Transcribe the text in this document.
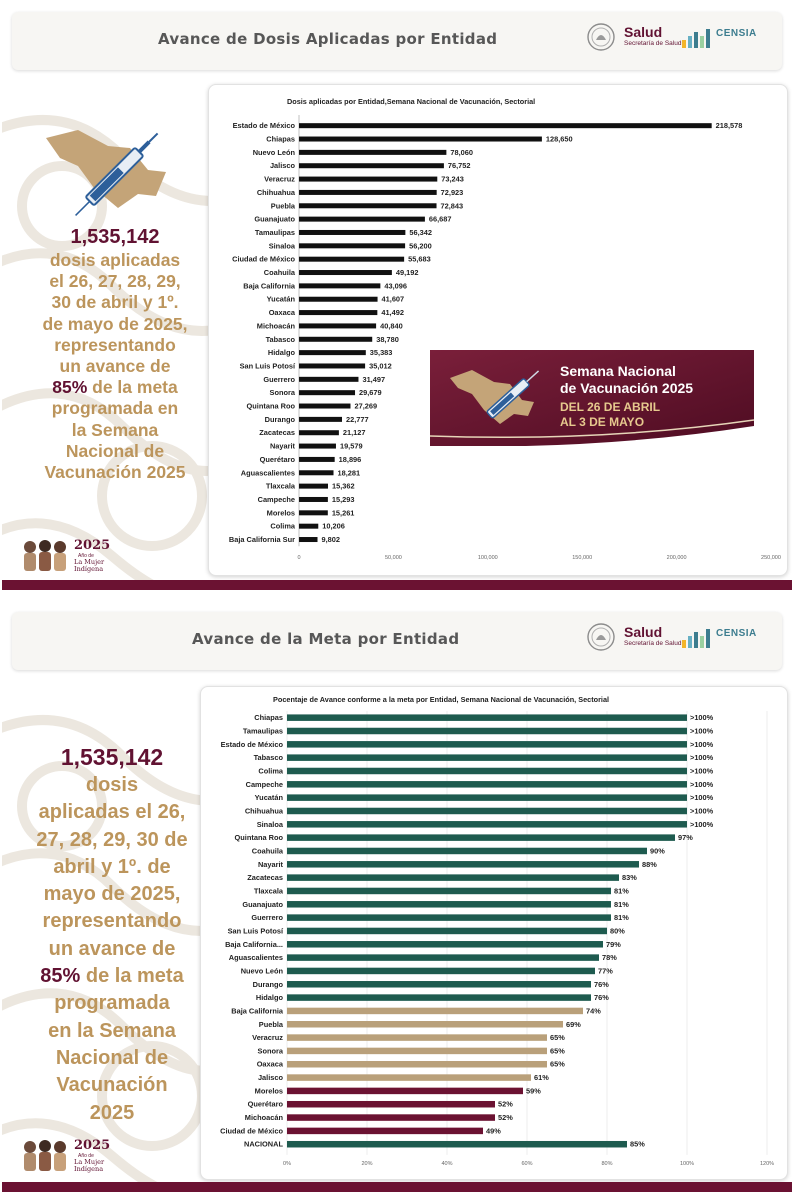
Avance de Dosis Aplicadas por Entidad	Salud
Secretaría de Salud
CENSIA
1,535,142
dosis aplicadas
el 26, 27, 28, 29,
30 de abril y 1º.
de mayo de 2025,
representando
un avance de
85% de la meta
programada en
la Semana
Nacional de
Vacunación 2025
2025
Año de
La Mujer
Indígena
Dosis aplicadas por Entidad,Semana Nacional de Vacunación, Sectorial
Estado de México	218,578
Chiapas	128,650
Nuevo León	78,060
Jalisco	76,752
Veracruz	73,243
Chihuahua	72,923
Puebla	72,843
Guanajuato	66,687
Tamaulipas	56,342
Sinaloa	56,200
Ciudad de México	55,683
Coahuila	49,192
Baja California	43,096
Yucatán	41,607
Oaxaca	41,492
Michoacán	40,840
Tabasco	38,780
Hidalgo	35,383
San Luis Potosí	35,012
Guerrero	31,497
Sonora	29,679
Quintana Roo	27,269
Durango	22,777
Zacatecas	21,127
Nayarit	19,579
Querétaro	18,896
Aguascalientes	18,281
Tlaxcala	15,362
Campeche	15,293
Morelos	15,261
Colima	10,206
Baja California Sur	9,802
0	50,000	100,000	150,000	200,000	250,000
Semana Nacional
de Vacunación 2025
DEL 26 DE ABRIL
AL 3 DE MAYO
Avance de la Meta por Entidad	Salud
Secretaría de Salud
CENSIA
1,535,142
dosis
aplicadas el 26,
27, 28, 29, 30 de
abril y 1º. de
mayo de 2025,
representando
un avance de
85% de la meta
programada
en la Semana
Nacional de
Vacunación
2025
2025
Año de
La Mujer
Indígena
Pocentaje de Avance conforme a la meta por Entidad, Semana Nacional de Vacunación, Sectorial
Chiapas	>100%
Tamaulipas	>100%
Estado de México	>100%
Tabasco	>100%
Colima	>100%
Campeche	>100%
Yucatán	>100%
Chihuahua	>100%
Sinaloa	>100%
Quintana Roo	97%
Coahuila	90%
Nayarit	88%
Zacatecas	83%
Tlaxcala	81%
Guanajuato	81%
Guerrero	81%
San Luis Potosí	80%
Baja California...	79%
Aguascalientes	78%
Nuevo León	77%
Durango	76%
Hidalgo	76%
Baja California	74%
Puebla	69%
Veracruz	65%
Sonora	65%
Oaxaca	65%
Jalisco	61%
Morelos	59%
Querétaro	52%
Michoacán	52%
Ciudad de México	49%
NACIONAL	85%
0%	20%	40%	60%	80%	100%	120%
